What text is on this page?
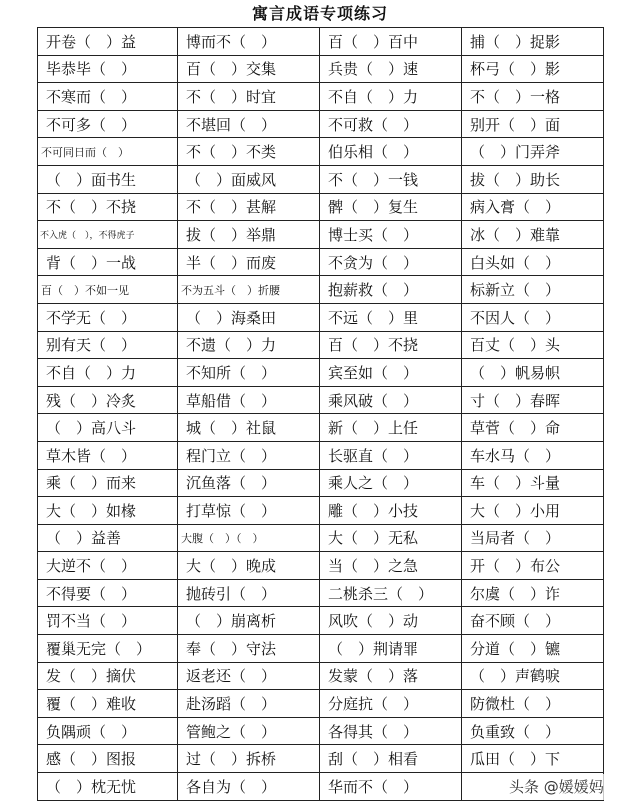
寓言成语专项练习
开卷（　）益	博而不（　）	百（　）百中	捕（　）捉影
毕恭毕（　）	百（　）交集	兵贵（　）速	杯弓（　）影
不寒而（　）	不（　）时宜	不自（　）力	不（　）一格
不可多（　）	不堪回（　）	不可救（　）	别开（　）面
不可同日而（　）	不（　）不类	伯乐相（　）	（　）门弄斧
（　）面书生	（　）面威风	不（　）一钱	拔（　）助长
不（　）不挠	不（　）甚解	髀（　）复生	病入膏（　）
不入虎（　），不得虎子	拔（　）举鼎	博士买（　）	冰（　）难靠
背（　）一战	半（　）而废	不贪为（　）	白头如（　）
百（　）不如一见	不为五斗（　）折腰	抱薪救（　）	标新立（　）
不学无（　）	（　）海桑田	不远（　）里	不因人（　）
别有天（　）	不遗（　）力	百（　）不挠	百丈（　）头
不自（　）力	不知所（　）	宾至如（　）	（　）帆易帜
残（　）冷炙	草船借（　）	乘风破（　）	寸（　）春晖
（　）高八斗	城（　）社鼠	新（　）上任	草菅（　）命
草木皆（　）	程门立（　）	长驱直（　）	车水马（　）
乘（　）而来	沉鱼落（　）	乘人之（　）	车（　）斗量
大（　）如椽	打草惊（　）	雕（　）小技	大（　）小用
（　）益善	大腹（　）（　）	大（　）无私	当局者（　）
大逆不（　）	大（　）晚成	当（　）之急	开（　）布公
不得要（　）	抛砖引（　）	二桃杀三（　）	尔虞（　）诈
罚不当（　）	（　）崩离析	风吹（　）动	奋不顾（　）
覆巢无完（　）	奉（　）守法	（　）荆请罪	分道（　）镳
发（　）摘伏	返老还（　）	发蒙（　）落	（　）声鹤唳
覆（　）难收	赴汤蹈（　）	分庭抗（　）	防微杜（　）
负隅顽（　）	管鲍之（　）	各得其（　）	负重致（　）
感（　）图报	过（　）拆桥	刮（　）相看	瓜田（　）下
（　）枕无忧	各自为（　）	华而不（　）		头条 @媛媛妈
